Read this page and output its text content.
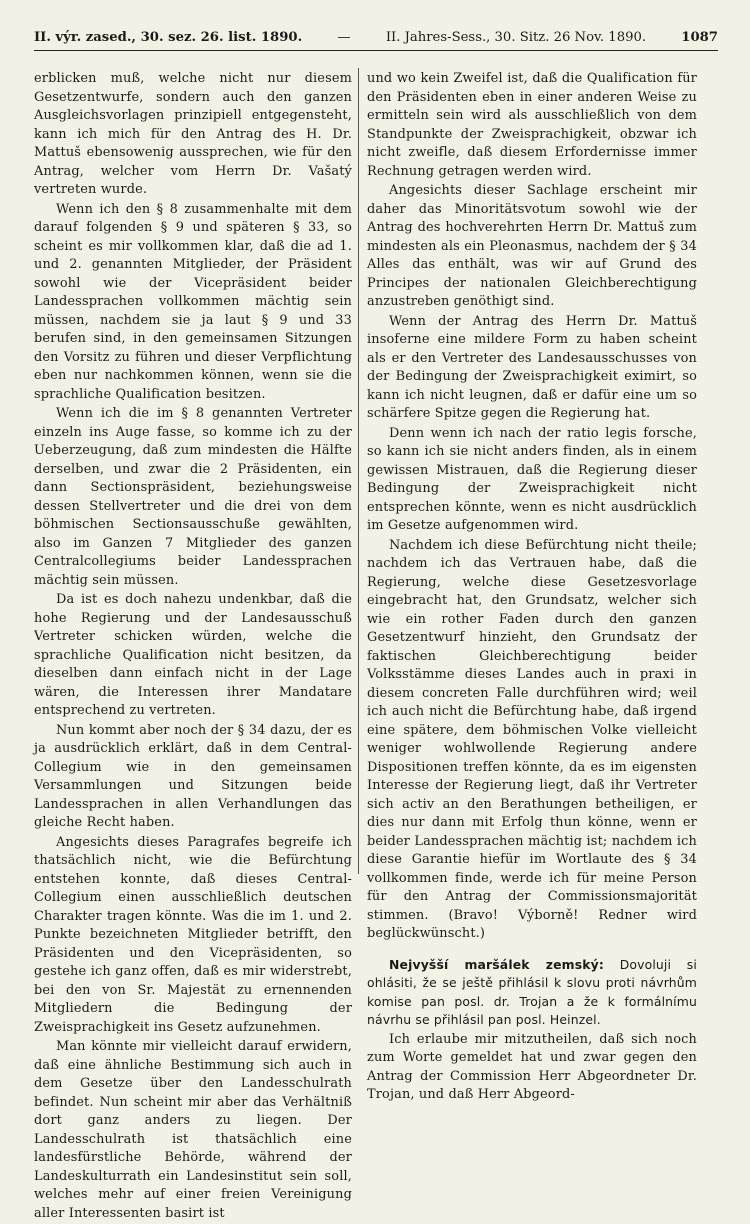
II. výr. zased., 30. sez. 26. list. 1890.	—	II. Jahres-Sess., 30. Sitz. 26 Nov. 1890.	1087

erblicken muß, welche nicht nur diesem Gesetzentwurfe, sondern auch den ganzen Ausgleichsvorlagen prinzipiell entgegensteht, kann ich mich für den Antrag des H. Dr. Mattuš ebensowenig aussprechen, wie für den Antrag, welcher vom Herrn Dr. Vašatý vertreten wurde.

Wenn ich den § 8 zusammenhalte mit dem darauf folgenden § 9 und späteren § 33, so scheint es mir vollkommen klar, daß die ad 1. und 2. genannten Mitglieder, der Präsident sowohl wie der Vicepräsident beider Landessprachen vollkommen mächtig sein müssen, nachdem sie ja laut § 9 und 33 berufen sind, in den gemeinsamen Sitzungen den Vorsitz zu führen und dieser Verpflichtung eben nur nachkommen können, wenn sie die sprachliche Qualification besitzen.

Wenn ich die im § 8 genannten Vertreter einzeln ins Auge fasse, so komme ich zu der Ueberzeugung, daß zum mindesten die Hälfte derselben, und zwar die 2 Präsidenten, ein dann Sectionspräsident, beziehungsweise dessen Stellvertreter und die drei von dem böhmischen Sectionsausschuße gewählten, also im Ganzen 7 Mitglieder des ganzen Centralcollegiums beider Landessprachen mächtig sein müssen.

Da ist es doch nahezu undenkbar, daß die hohe Regierung und der Landesausschuß Vertreter schicken würden, welche die sprachliche Qualification nicht besitzen, da dieselben dann einfach nicht in der Lage wären, die Interessen ihrer Mandatare entsprechend zu vertreten.

Nun kommt aber noch der § 34 dazu, der es ja ausdrücklich erklärt, daß in dem Central-Collegium wie in den gemeinsamen Versammlungen und Sitzungen beide Landessprachen in allen Verhandlungen das gleiche Recht haben.

Angesichts dieses Paragrafes begreife ich thatsächlich nicht, wie die Befürchtung entstehen konnte, daß dieses Central-Collegium einen ausschließlich deutschen Charakter tragen könnte. Was die im 1. und 2. Punkte bezeichneten Mitglieder betrifft, den Präsidenten und den Vicepräsidenten, so gestehe ich ganz offen, daß es mir widerstrebt, bei den von Sr. Majestät zu ernennenden Mitgliedern die Bedingung der Zweisprachigkeit ins Gesetz aufzunehmen.

Man könnte mir vielleicht darauf erwidern, daß eine ähnliche Bestimmung sich auch in dem Gesetze über den Landesschulrath befindet. Nun scheint mir aber das Verhältniß dort ganz anders zu liegen. Der Landesschulrath ist thatsächlich eine landesfürstliche Behörde, während der Landeskulturrath ein Landesinstitut sein soll, welches mehr auf einer freien Vereinigung aller Interessenten basirt ist

und wo kein Zweifel ist, daß die Qualification für den Präsidenten eben in einer anderen Weise zu ermitteln sein wird als ausschließlich von dem Standpunkte der Zweisprachigkeit, obzwar ich nicht zweifle, daß diesem Erfordernisse immer Rechnung getragen werden wird.

Angesichts dieser Sachlage erscheint mir daher das Minoritätsvotum sowohl wie der Antrag des hochverehrten Herrn Dr. Mattuš zum mindesten als ein Pleonasmus, nachdem der § 34 Alles das enthält, was wir auf Grund des Principes der nationalen Gleichberechtigung anzustreben genöthigt sind.

Wenn der Antrag des Herrn Dr. Mattuš insoferne eine mildere Form zu haben scheint als er den Vertreter des Landesausschusses von der Bedingung der Zweisprachigkeit eximirt, so kann ich nicht leugnen, daß er dafür eine um so schärfere Spitze gegen die Regierung hat.

Denn wenn ich nach der ratio legis forsche, so kann ich sie nicht anders finden, als in einem gewissen Mistrauen, daß die Regierung dieser Bedingung der Zweisprachigkeit nicht entsprechen könnte, wenn es nicht ausdrücklich im Gesetze aufgenommen wird.

Nachdem ich diese Befürchtung nicht theile; nachdem ich das Vertrauen habe, daß die Regierung, welche diese Gesetzesvorlage eingebracht hat, den Grundsatz, welcher sich wie ein rother Faden durch den ganzen Gesetzentwurf hinzieht, den Grundsatz der faktischen Gleichberechtigung beider Volksstämme dieses Landes auch in praxi in diesem concreten Falle durchführen wird; weil ich auch nicht die Befürchtung habe, daß irgend eine spätere, dem böhmischen Volke vielleicht weniger wohlwollende Regierung andere Dispositionen treffen könnte, da es im eigensten Interesse der Regierung liegt, daß ihr Vertreter sich activ an den Berathungen betheiligen, er dies nur dann mit Erfolg thun könne, wenn er beider Landessprachen mächtig ist; nachdem ich diese Garantie hiefür im Wortlaute des § 34 vollkommen finde, werde ich für meine Person für den Antrag der Commissionsmajorität stimmen. (Bravo! Výborně! Redner wird beglückwünscht.)

Nejvyšší maršálek zemský: Dovoluji si ohlásiti, že se ještě přihlásil k slovu proti návrhům komise pan posl. dr. Trojan a že k formálnímu návrhu se přihlásil pan posl. Heinzel.

Ich erlaube mir mitzutheilen, daß sich noch zum Worte gemeldet hat und zwar gegen den Antrag der Commission Herr Abgeordneter Dr. Trojan, und daß Herr Abgeord-
